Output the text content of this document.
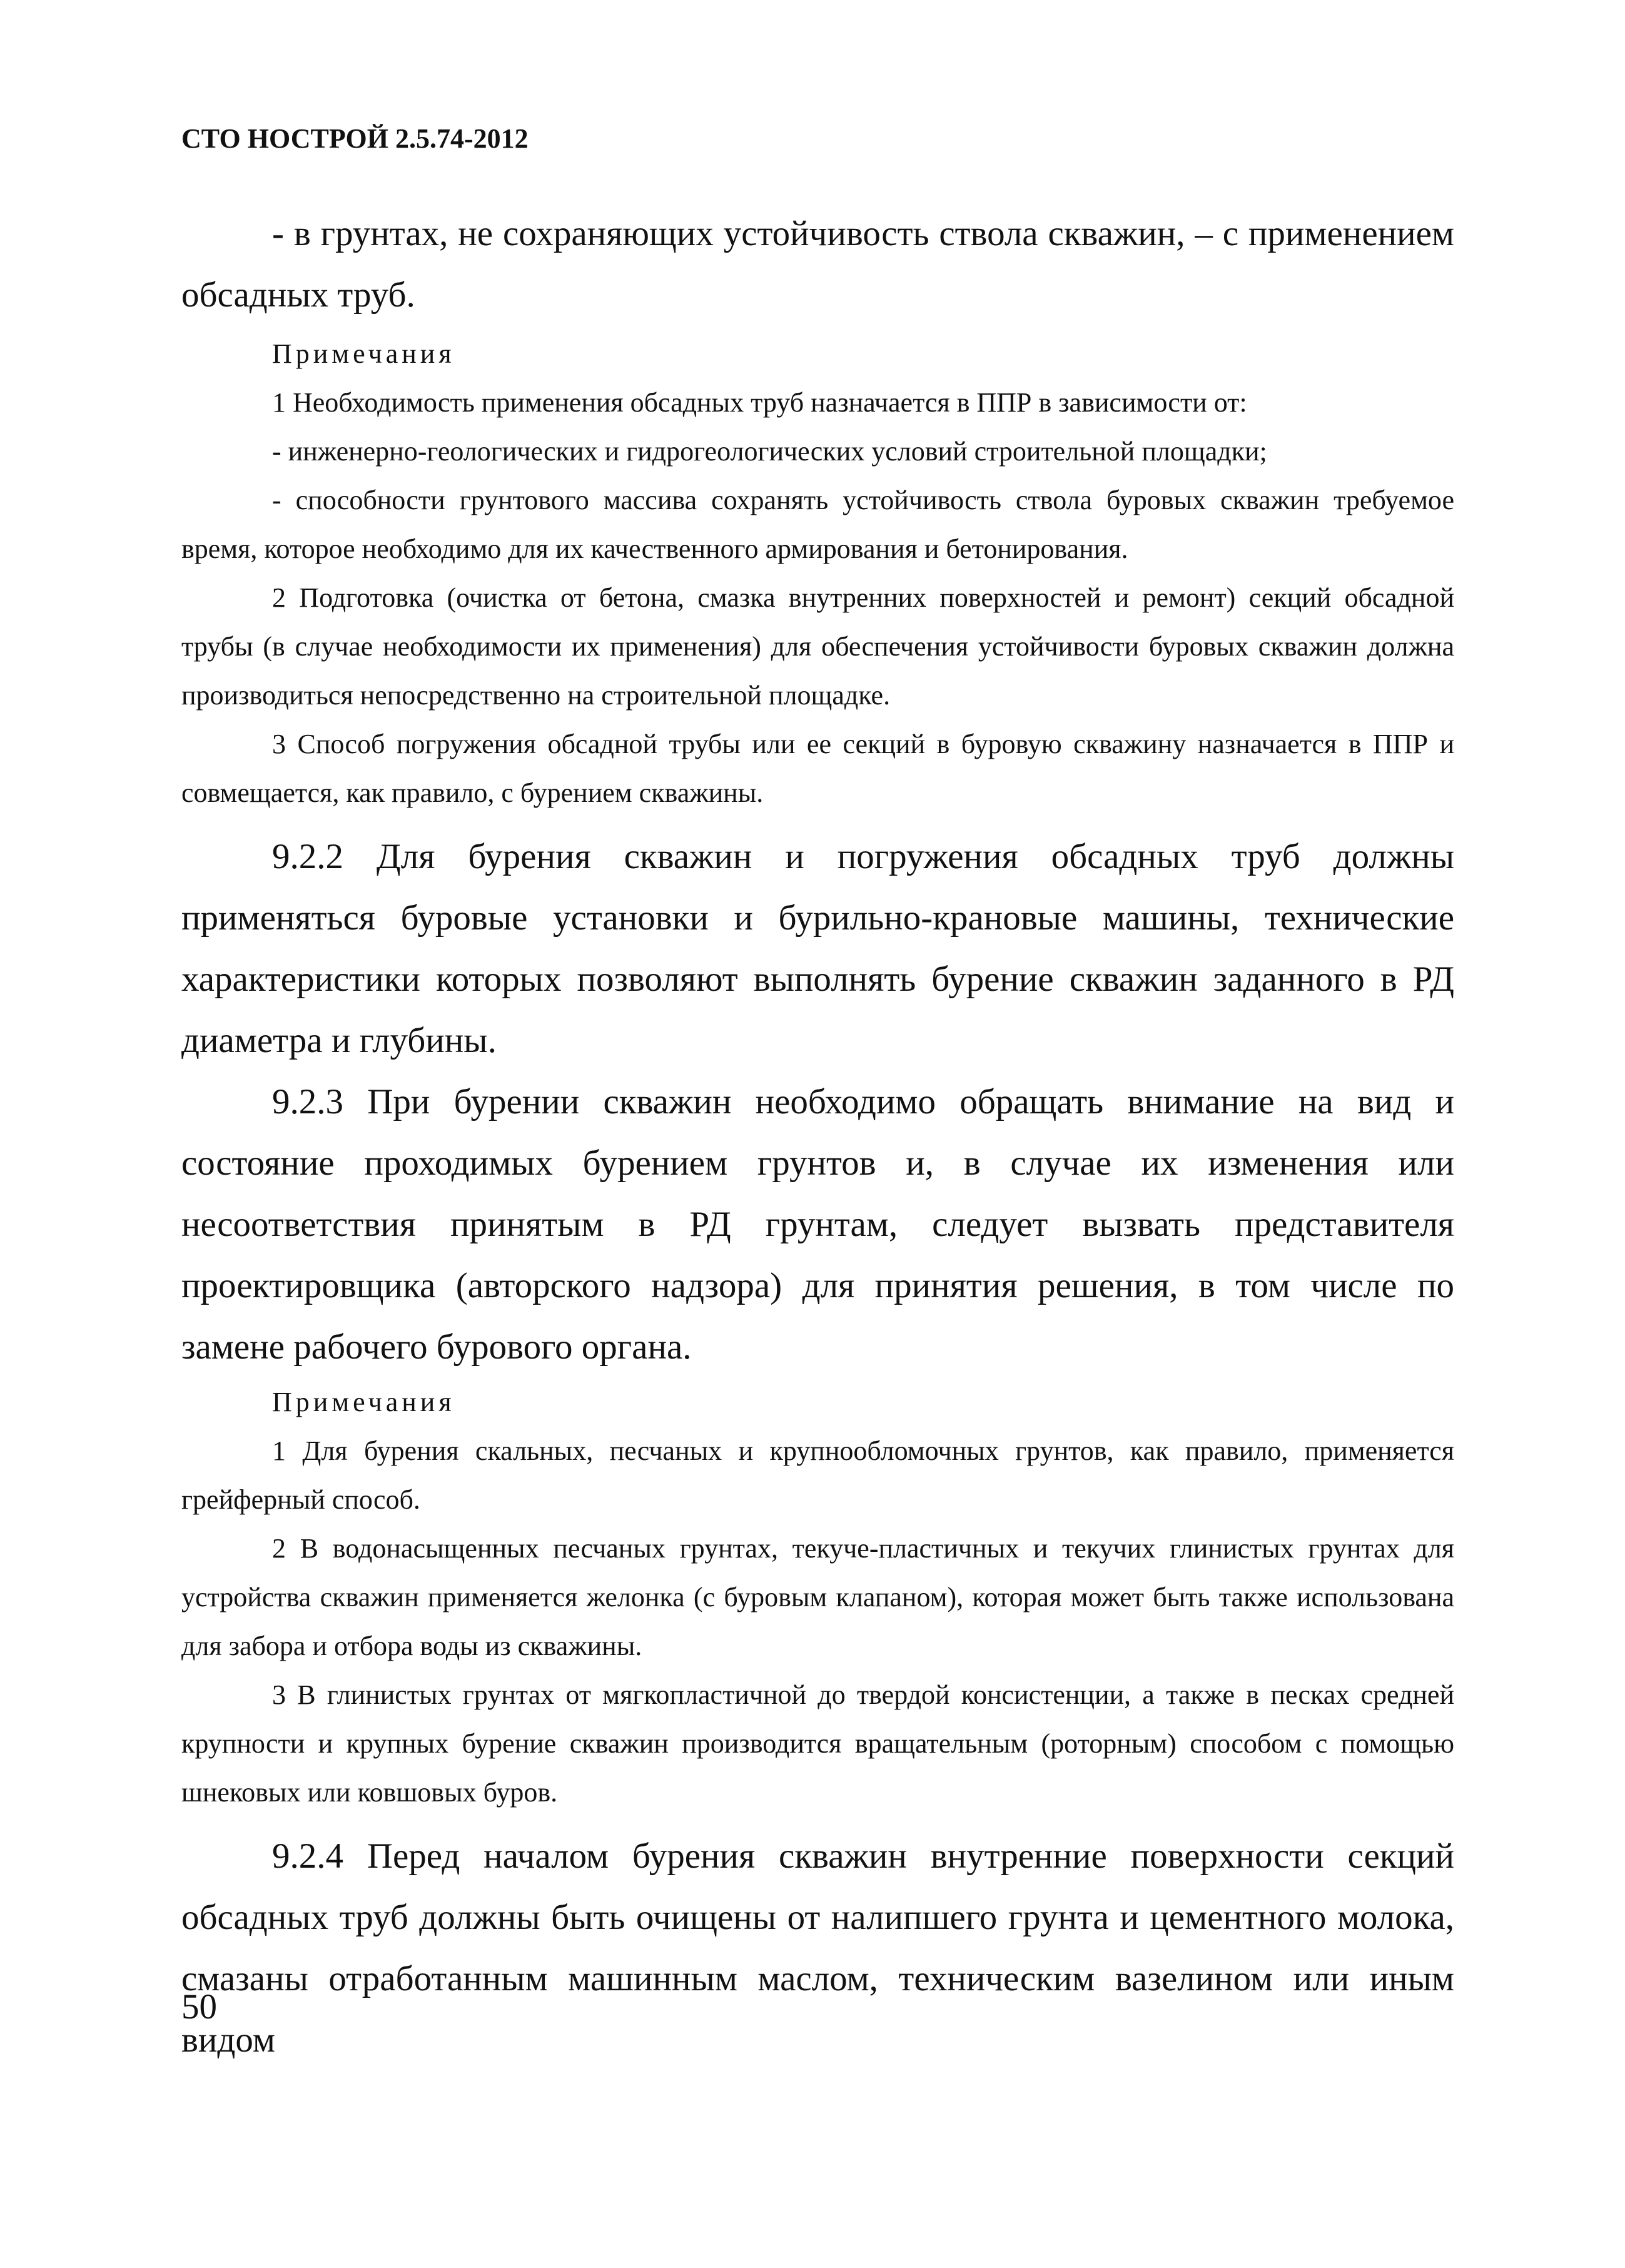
СТО НОСТРОЙ 2.5.74-2012

- в грунтах, не сохраняющих устойчивость ствола скважин, – с применением обсадных труб.

Примечания

1 Необходимость применения обсадных труб назначается в ППР в зависимости от:

- инженерно-геологических и гидрогеологических условий строительной площадки;

- способности грунтового массива сохранять устойчивость ствола буровых скважин требуемое время, которое необходимо для их качественного армирования и бетонирования.

2 Подготовка (очистка от бетона, смазка внутренних поверхностей и ремонт) секций обсадной трубы (в случае необходимости их применения) для обеспечения устойчивости буровых скважин должна производиться непосредственно на строительной площадке.

3 Способ погружения обсадной трубы или ее секций в буровую скважину назначается в ППР и совмещается, как правило, с бурением скважины.

9.2.2 Для бурения скважин и погружения обсадных труб должны применяться буровые установки и бурильно-крановые машины, технические характеристики которых позволяют выполнять бурение скважин заданного в РД диаметра и глубины.

9.2.3 При бурении скважин необходимо обращать внимание на вид и состояние проходимых бурением грунтов и, в случае их изменения или несоответствия принятым в РД грунтам, следует вызвать представителя проектировщика (авторского надзора) для принятия решения, в том числе по замене рабочего бурового органа.

Примечания

1 Для бурения скальных, песчаных и крупнообломочных грунтов, как правило, применяется грейферный способ.

2 В водонасыщенных песчаных грунтах, текуче-пластичных и текучих глинистых грунтах для устройства скважин применяется желонка (с буровым клапаном), которая может быть также использована для забора и отбора воды из скважины.

3 В глинистых грунтах от мягкопластичной до твердой консистенции, а также в песках средней крупности и крупных бурение скважин производится вращательным (роторным) способом с помощью шнековых или ковшовых буров.

9.2.4 Перед началом бурения скважин внутренние поверхности секций обсадных труб должны быть очищены от налипшего грунта и цементного молока, смазаны отработанным машинным маслом, техническим вазелином или иным видом

50
